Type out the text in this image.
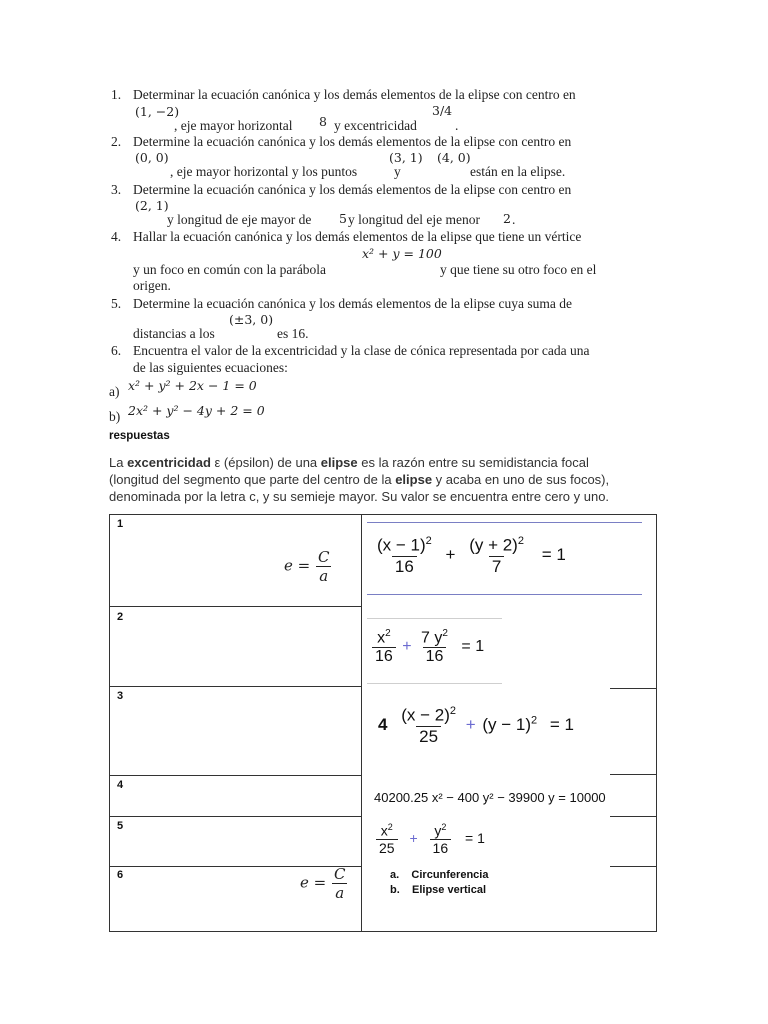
1. Determinar la ecuación canónica y los demás elementos de la elipse con centro en
(1, −2)
, eje mayor horizontal 8 y excentricidad
3/4
.
2. Determine la ecuación canónica y los demás elementos de la elipse con centro en
(0, 0)
, eje mayor horizontal y los puntos
(3, 1)
y
(4, 0)
están en la elipse.
3. Determine la ecuación canónica y los demás elementos de la elipse con centro en
(2, 1)
y longitud de eje mayor de 5 y longitud del eje menor 2 .
4. Hallar la ecuación canónica y los demás elementos de la elipse que tiene un vértice
x² + y = 100
y un foco en común con la parábola	y que tiene su otro foco en el
origen.
5. Determine la ecuación canónica y los demás elementos de la elipse cuya suma de
(±3, 0)
distancias a los	es 16.
6. Encuentra el valor de la excentricidad y la clase de cónica representada por cada una
de las siguientes ecuaciones:
a) x² + y² + 2x − 1 = 0
b) 2x² + y² − 4y + 2 = 0
respuestas
La excentricidad ε (épsilon) de una elipse es la razón entre su semidistancia focal
(longitud del segmento que parte del centro de la elipse y acaba en uno de sus focos),
denominada por la letra c, y su semieje mayor. Su valor se encuentra entre cero y uno.
1
2
3
4
5
6
$e = \frac{C}{a}$
$e = \frac{C}{a}$
$\frac{(x - 1)^2}{16} + \frac{(y + 2)^2}{7} = 1$
$\frac{x^2}{16} + \frac{7 y^2}{16} = 1$
$4 \frac{(x - 2)^2}{25} + (y - 1)^2 = 1$
40200.25 x² − 400 y² − 39900 y = 10000
$\frac{x^2}{25} + \frac{y^2}{16} = 1$
a. Circunferencia
b. Elipse vertical
